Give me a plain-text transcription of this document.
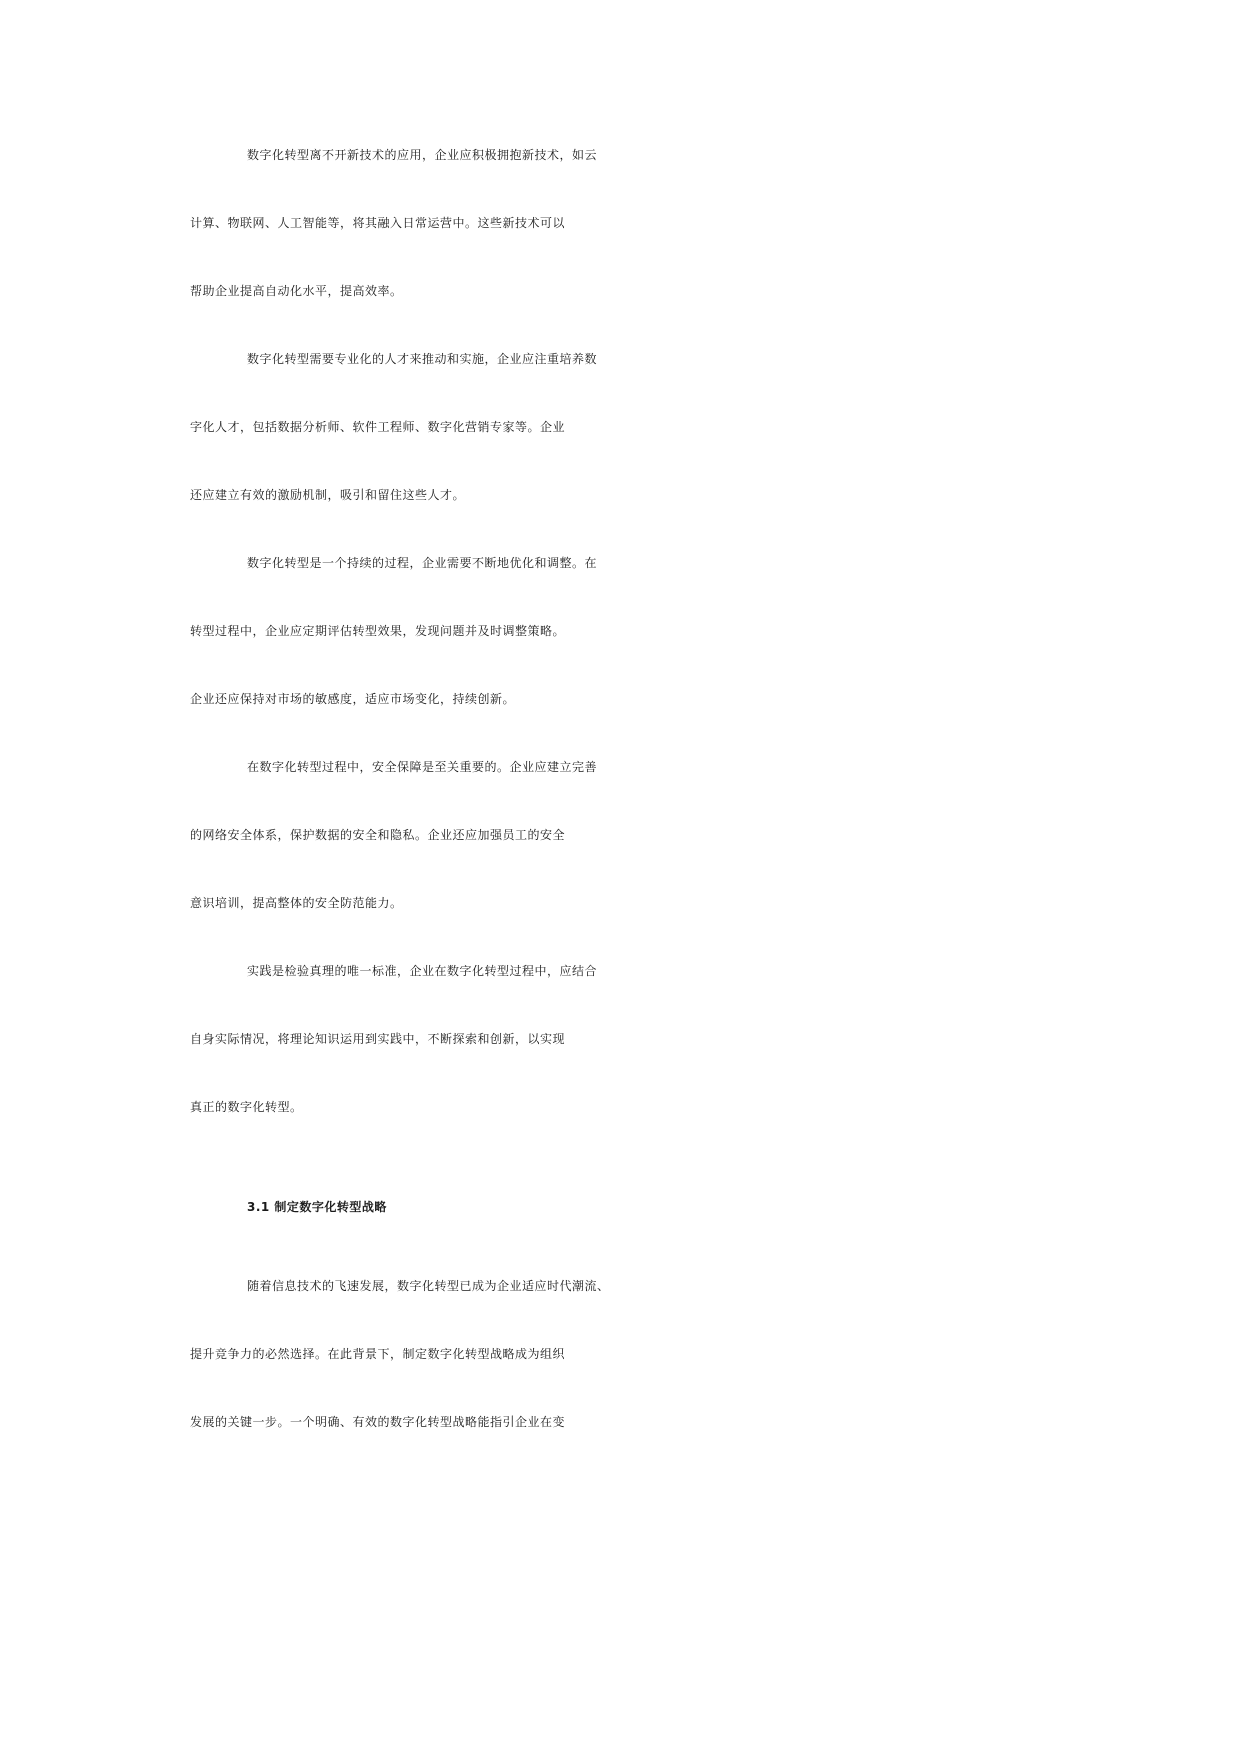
数字化转型离不开新技术的应用，企业应积极拥抱新技术，如云
计算、物联网、人工智能等，将其融入日常运营中。这些新技术可以
帮助企业提高自动化水平，提高效率。
数字化转型需要专业化的人才来推动和实施，企业应注重培养数
字化人才，包括数据分析师、软件工程师、数字化营销专家等。企业
还应建立有效的激励机制，吸引和留住这些人才。
数字化转型是一个持续的过程，企业需要不断地优化和调整。在
转型过程中，企业应定期评估转型效果，发现问题并及时调整策略。
企业还应保持对市场的敏感度，适应市场变化，持续创新。
在数字化转型过程中，安全保障是至关重要的。企业应建立完善
的网络安全体系，保护数据的安全和隐私。企业还应加强员工的安全
意识培训，提高整体的安全防范能力。
实践是检验真理的唯一标准，企业在数字化转型过程中，应结合
自身实际情况，将理论知识运用到实践中，不断探索和创新，以实现
真正的数字化转型。
3.1 制定数字化转型战略
随着信息技术的飞速发展，数字化转型已成为企业适应时代潮流、
提升竞争力的必然选择。在此背景下，制定数字化转型战略成为组织
发展的关键一步。一个明确、有效的数字化转型战略能指引企业在变
